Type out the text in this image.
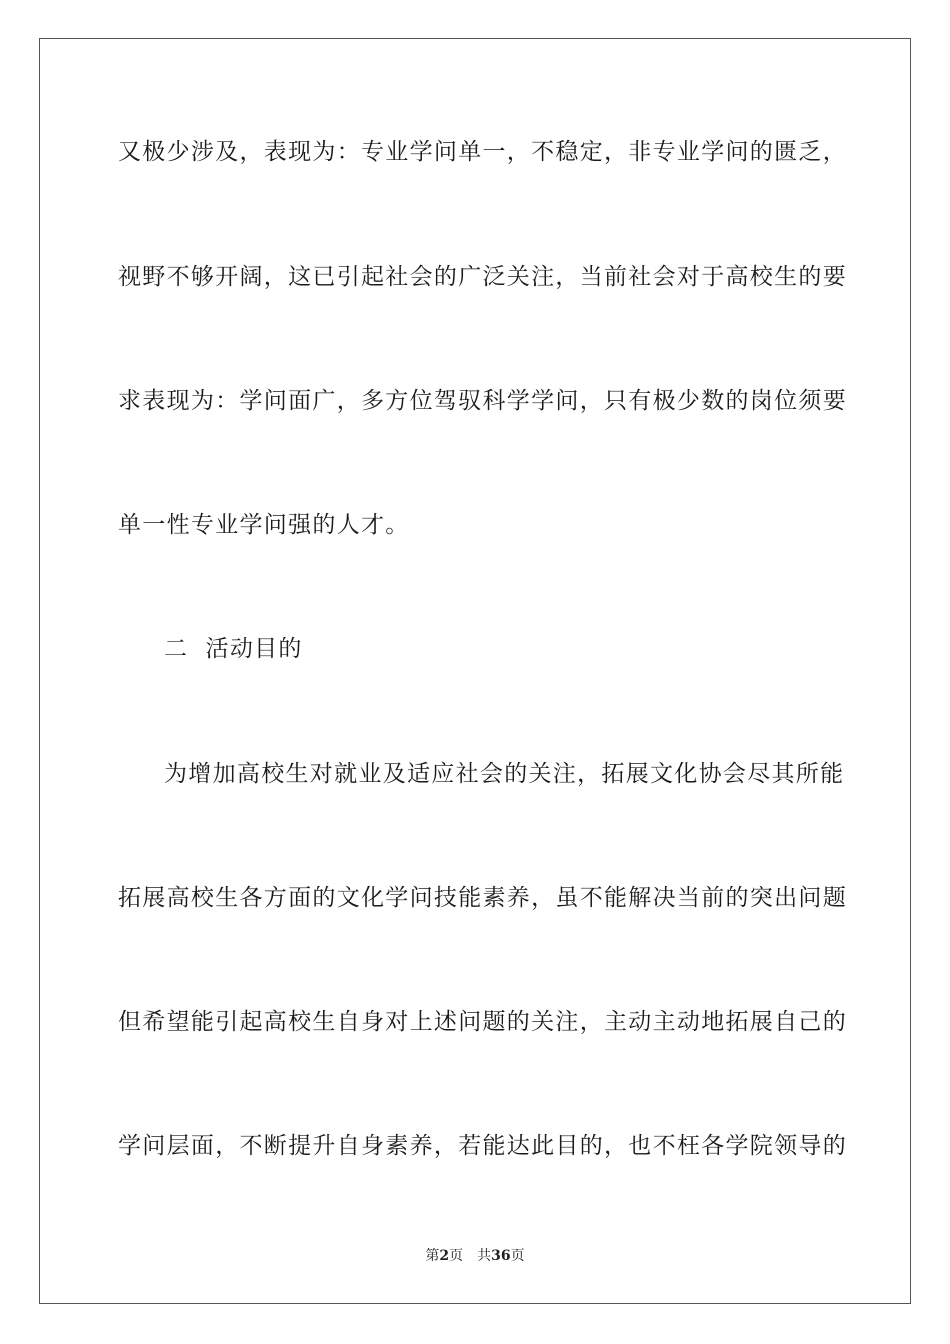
又极少涉及，表现为：专业学问单一，不稳定，非专业学问的匮乏，
视野不够开阔，这已引起社会的广泛关注，当前社会对于高校生的要
求表现为：学问面广，多方位驾驭科学学问，只有极少数的岗位须要
单一性专业学问强的人才。
二  活动目的
为增加高校生对就业及适应社会的关注，拓展文化协会尽其所能
拓展高校生各方面的文化学问技能素养，虽不能解决当前的突出问题
但希望能引起高校生自身对上述问题的关注，主动主动地拓展自己的
学问层面，不断提升自身素养，若能达此目的，也不枉各学院领导的
第2页 共36页
